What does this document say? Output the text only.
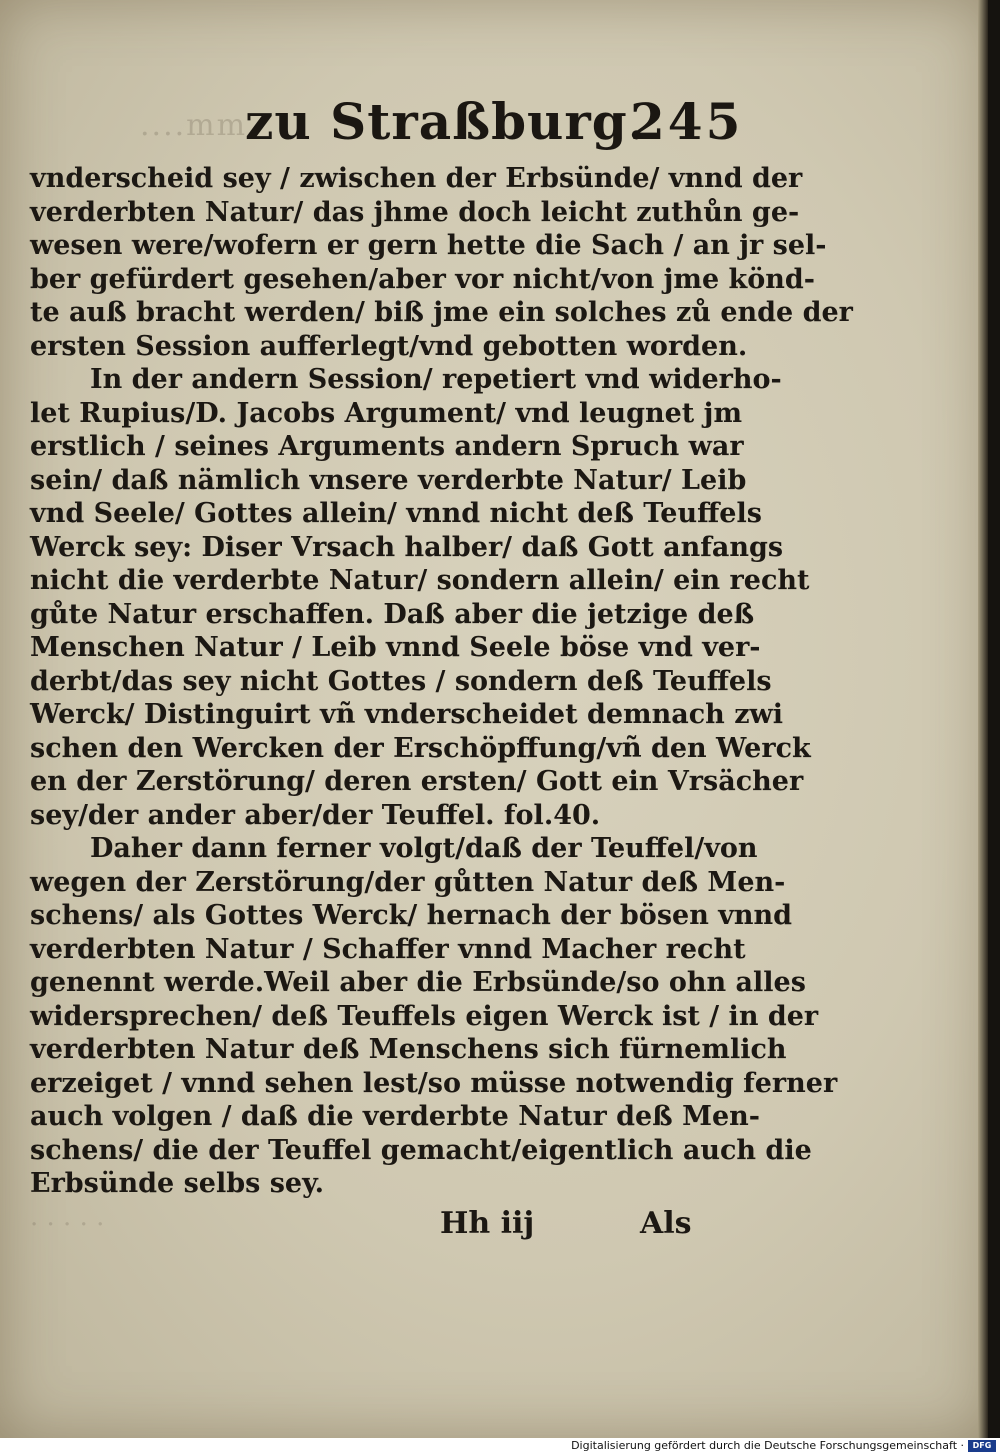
....mm
zu Straßburg.
245
vnderscheid sey / zwischen der Erbsünde/ vnnd der
verderbten Natur/ das jhme doch leicht zuthůn ge-
wesen were/wofern er gern hette die Sach / an jr sel-
ber gefürdert gesehen/aber vor nicht/von jme könd-
te auß bracht werden/ biß jme ein solches zů ende der
ersten Session aufferlegt/vnd gebotten worden.
In der andern Session/ repetiert vnd widerho-
let Rupius/D. Jacobs Argument/ vnd leugnet jm
erstlich / seines Arguments andern Spruch war
sein/ daß nämlich vnsere verderbte Natur/ Leib
vnd Seele/ Gottes allein/ vnnd nicht deß Teuffels
Werck sey: Diser Vrsach halber/ daß Gott anfangs
nicht die verderbte Natur/ sondern allein/ ein recht
gůte Natur erschaffen. Daß aber die jetzige deß
Menschen Natur / Leib vnnd Seele böse vnd ver-
derbt/das sey nicht Gottes / sondern deß Teuffels
Werck/ Distinguirt vñ vnderscheidet demnach zwi
schen den Wercken der Erschöpffung/vñ den Werck
en der Zerstörung/ deren ersten/ Gott ein Vrsächer
sey/der ander aber/der Teuffel. fol.40.
Daher dann ferner volgt/daß der Teuffel/von
wegen der Zerstörung/der gůtten Natur deß Men-
schens/ als Gottes Werck/ hernach der bösen vnnd
verderbten Natur / Schaffer vnnd Macher recht
genennt werde.Weil aber die Erbsünde/so ohn alles
widersprechen/ deß Teuffels eigen Werck ist / in der
verderbten Natur deß Menschens sich fürnemlich
erzeiget / vnnd sehen lest/so müsse notwendig ferner
auch volgen / daß die verderbte Natur deß Men-
schens/ die der Teuffel gemacht/eigentlich auch die
Erbsünde selbs sey.
· · · · ·	Hh iij	Als
Digitalisierung gefördert durch die Deutsche Forschungsgemeinschaft ·	DFG
